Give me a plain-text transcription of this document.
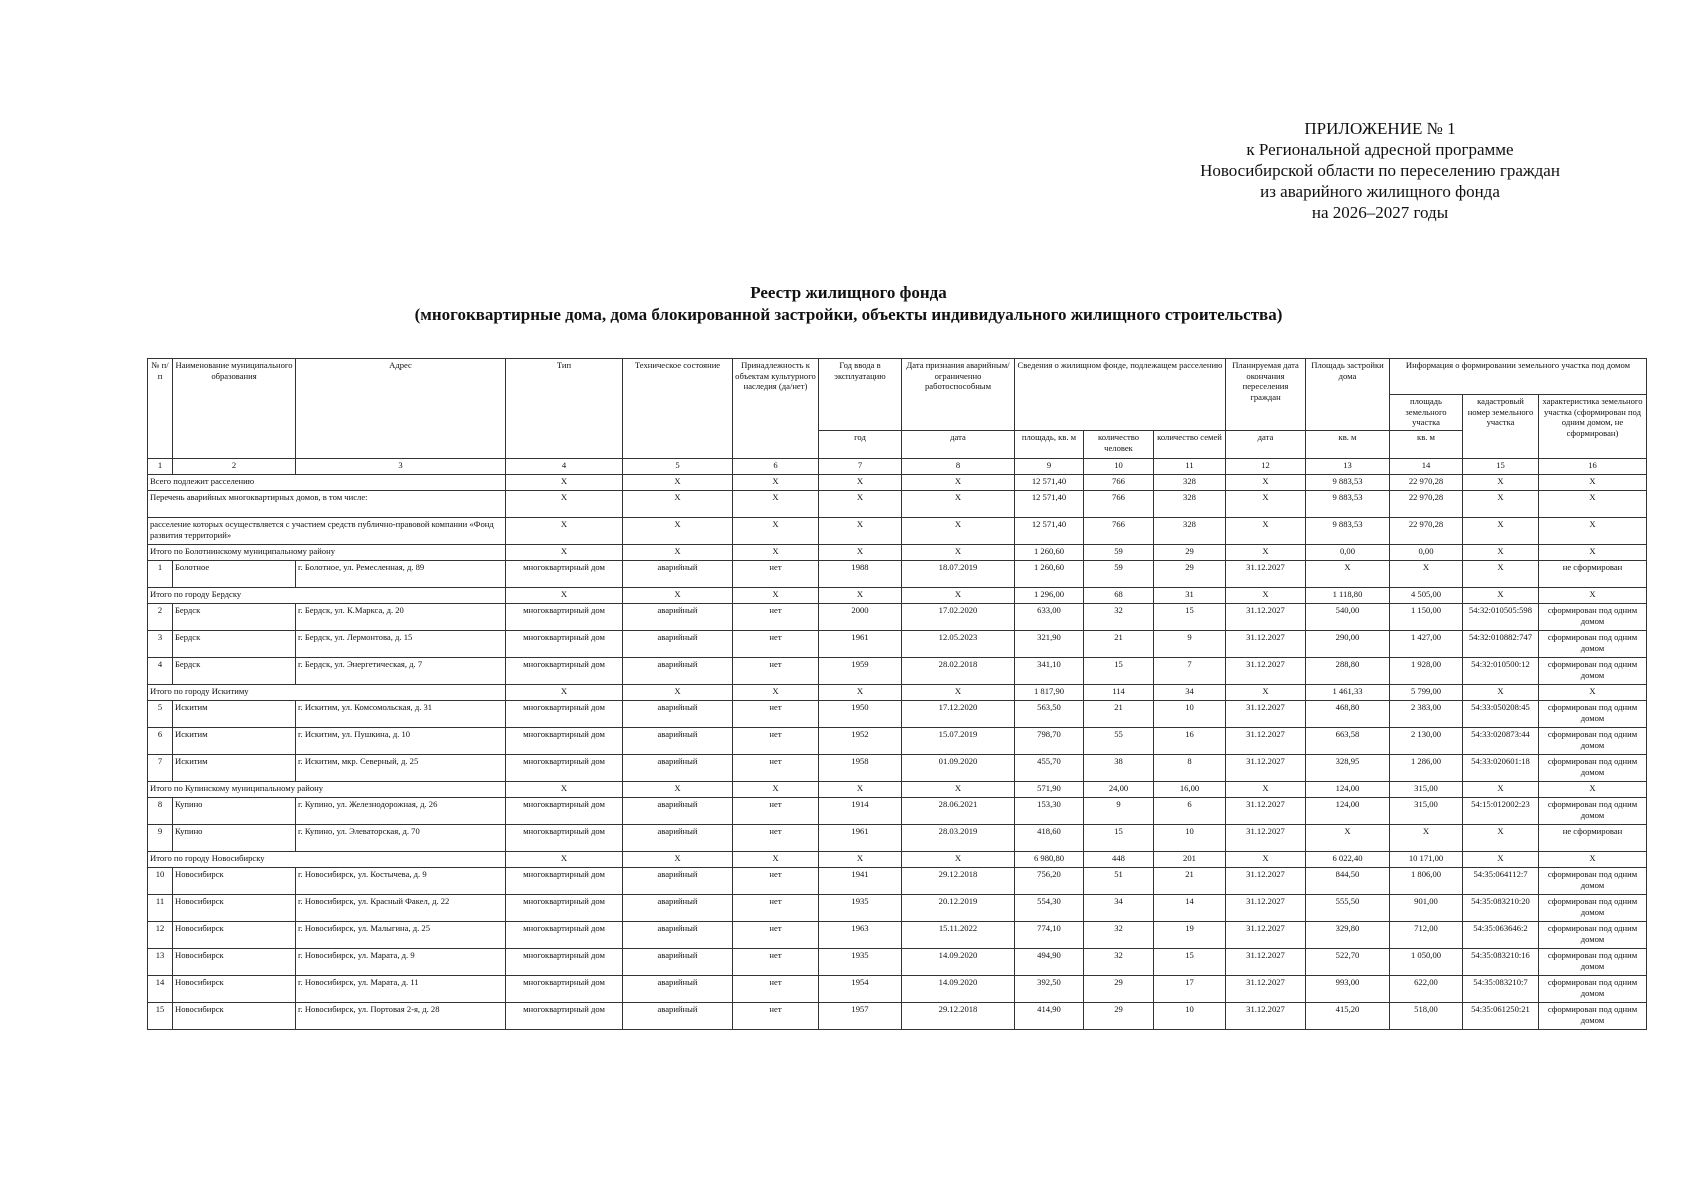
ПРИЛОЖЕНИЕ № 1
к Региональной адресной программе
Новосибирской области по переселению граждан
из аварийного жилищного фонда
на 2026–2027 годы
Реестр жилищного фонда
(многоквартирные дома, дома блокированной застройки, объекты индивидуального жилищного строительства)
№ п/п	Наименование муниципального образования	Адрес	Тип	Техническое состояние	Принадлежность к объектам культурного наследия (да/нет)	Год ввода в эксплуатацию	Дата признания аварийным/ ограниченно работоспособным	Сведения о жилищном фонде, подлежащем расселению			Планируемая дата окончания переселения граждан	Площадь застройки дома	Информация о формировании земельного участка под домом		
													площадь земельного участка	кадастровый номер земельного участка	характеристика земельного участка (сформирован под одним домом, не сформирован)
						год	дата	площадь, кв. м	количество человек	количество семей	дата	кв. м	кв. м		
1	2	3	4	5	6	7	8	9	10	11	12	13	14	15	16
Всего подлежит расселению			X	X	X	X	X	12 571,40	766	328	X	9 883,53	22 970,28	X	X
Перечень аварийных многоквартирных домов, в том числе:			X	X	X	X	X	12 571,40	766	328	X	9 883,53	22 970,28	X	X
расселение которых осуществляется с участием средств публично-правовой компании «Фонд развития территорий»			X	X	X	X	X	12 571,40	766	328	X	9 883,53	22 970,28	X	X
Итого по Болотнинскому муниципальному району			X	X	X	X	X	1 260,60	59	29	X	0,00	0,00	X	X
1	Болотное	г. Болотное, ул. Ремесленная, д. 89	многоквартирный дом	аварийный	нет	1988	18.07.2019	1 260,60	59	29	31.12.2027	X	X	X	не сформирован
Итого по городу Бердску			X	X	X	X	X	1 296,00	68	31	X	1 118,80	4 505,00	X	X
2	Бердск	г. Бердск, ул. К.Маркса, д. 20	многоквартирный дом	аварийный	нет	2000	17.02.2020	633,00	32	15	31.12.2027	540,00	1 150,00	54:32:010505:598	сформирован под одним домом
3	Бердск	г. Бердск, ул. Лермонтова, д. 15	многоквартирный дом	аварийный	нет	1961	12.05.2023	321,90	21	9	31.12.2027	290,00	1 427,00	54:32:010882:747	сформирован под одним домом
4	Бердск	г. Бердск, ул. Энергетическая, д. 7	многоквартирный дом	аварийный	нет	1959	28.02.2018	341,10	15	7	31.12.2027	288,80	1 928,00	54:32:010500:12	сформирован под одним домом
Итого по городу Искитиму			X	X	X	X	X	1 817,90	114	34	X	1 461,33	5 799,00	X	X
5	Искитим	г. Искитим, ул. Комсомольская, д. 31	многоквартирный дом	аварийный	нет	1950	17.12.2020	563,50	21	10	31.12.2027	468,80	2 383,00	54:33:050208:45	сформирован под одним домом
6	Искитим	г. Искитим, ул. Пушкина, д. 10	многоквартирный дом	аварийный	нет	1952	15.07.2019	798,70	55	16	31.12.2027	663,58	2 130,00	54:33:020873:44	сформирован под одним домом
7	Искитим	г. Искитим, мкр. Северный, д. 25	многоквартирный дом	аварийный	нет	1958	01.09.2020	455,70	38	8	31.12.2027	328,95	1 286,00	54:33:020601:18	сформирован под одним домом
Итого по Купинскому муниципальному району			X	X	X	X	X	571,90	24,00	16,00	X	124,00	315,00	X	X
8	Купино	г. Купино, ул. Железнодорожная, д. 26	многоквартирный дом	аварийный	нет	1914	28.06.2021	153,30	9	6	31.12.2027	124,00	315,00	54:15:012002:23	сформирован под одним домом
9	Купино	г. Купино, ул. Элеваторская, д. 70	многоквартирный дом	аварийный	нет	1961	28.03.2019	418,60	15	10	31.12.2027	X	X	X	не сформирован
Итого по городу Новосибирску			X	X	X	X	X	6 980,80	448	201	X	6 022,40	10 171,00	X	X
10	Новосибирск	г. Новосибирск, ул. Костычева, д. 9	многоквартирный дом	аварийный	нет	1941	29.12.2018	756,20	51	21	31.12.2027	844,50	1 806,00	54:35:064112:7	сформирован под одним домом
11	Новосибирск	г. Новосибирск, ул. Красный Факел, д. 22	многоквартирный дом	аварийный	нет	1935	20.12.2019	554,30	34	14	31.12.2027	555,50	901,00	54:35:083210:20	сформирован под одним домом
12	Новосибирск	г. Новосибирск, ул. Малыгина, д. 25	многоквартирный дом	аварийный	нет	1963	15.11.2022	774,10	32	19	31.12.2027	329,80	712,00	54:35:063646:2	сформирован под одним домом
13	Новосибирск	г. Новосибирск, ул. Марата, д. 9	многоквартирный дом	аварийный	нет	1935	14.09.2020	494,90	32	15	31.12.2027	522,70	1 050,00	54:35:083210:16	сформирован под одним домом
14	Новосибирск	г. Новосибирск, ул. Марата, д. 11	многоквартирный дом	аварийный	нет	1954	14.09.2020	392,50	29	17	31.12.2027	993,00	622,00	54:35:083210:7	сформирован под одним домом
15	Новосибирск	г. Новосибирск, ул. Портовая 2-я, д. 28	многоквартирный дом	аварийный	нет	1957	29.12.2018	414,90	29	10	31.12.2027	415,20	518,00	54:35:061250:21	сформирован под одним домом
